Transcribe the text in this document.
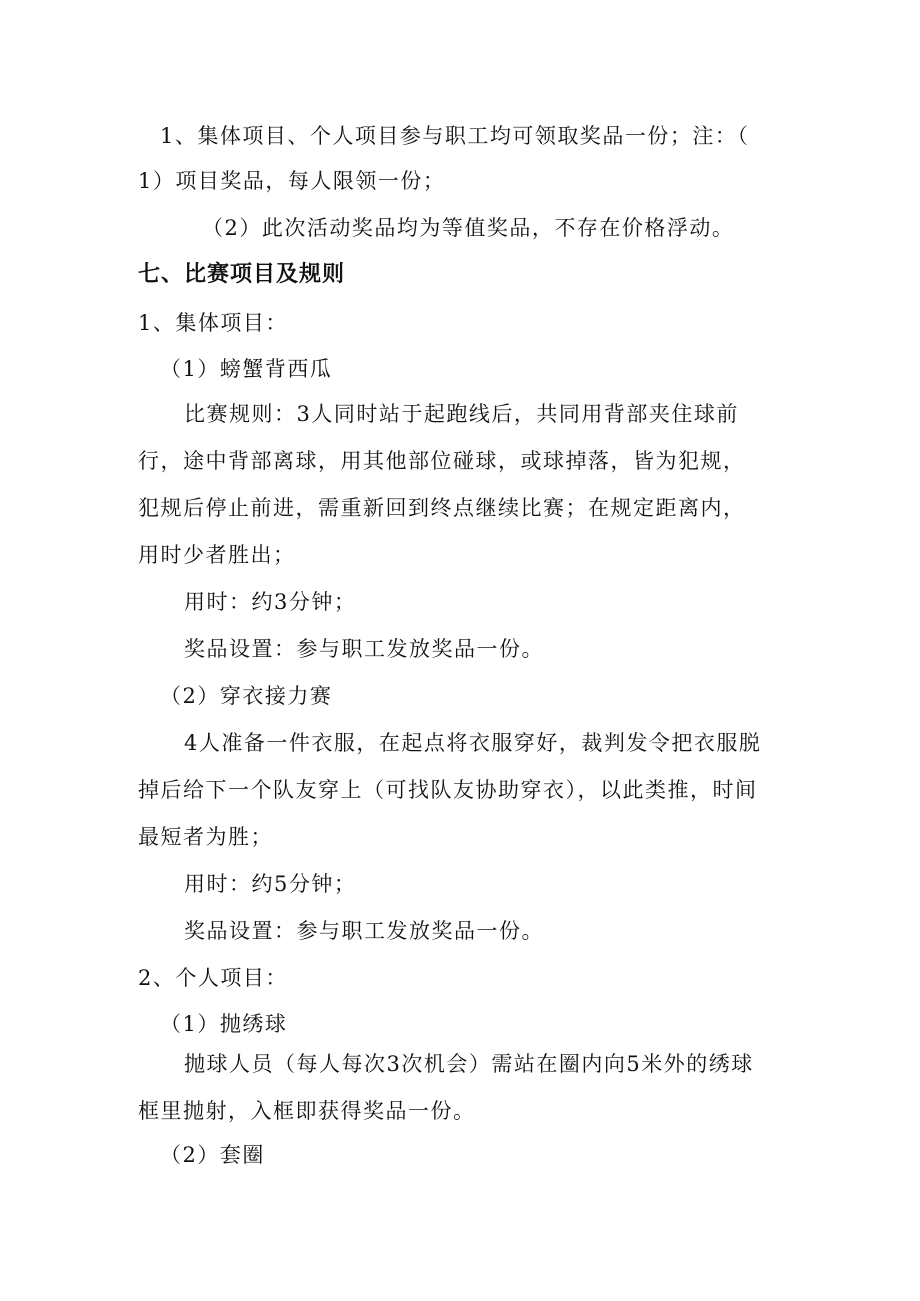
1、集体项目、个人项目参与职工均可领取奖品一份；注：（
1）项目奖品，每人限领一份；
（2）此次活动奖品均为等值奖品，不存在价格浮动。
七、比赛项目及规则
1、集体项目：
（1）螃蟹背西瓜
比赛规则：3人同时站于起跑线后，共同用背部夹住球前
行，途中背部离球，用其他部位碰球，或球掉落，皆为犯规，
犯规后停止前进，需重新回到终点继续比赛；在规定距离内，
用时少者胜出；
用时：约3分钟；
奖品设置：参与职工发放奖品一份。
（2）穿衣接力赛
4人准备一件衣服，在起点将衣服穿好，裁判发令把衣服脱
掉后给下一个队友穿上（可找队友协助穿衣），以此类推，时间
最短者为胜；
用时：约5分钟；
奖品设置：参与职工发放奖品一份。
2、个人项目：
（1）抛绣球
抛球人员（每人每次3次机会）需站在圈内向5米外的绣球
框里抛射，入框即获得奖品一份。
（2）套圈
